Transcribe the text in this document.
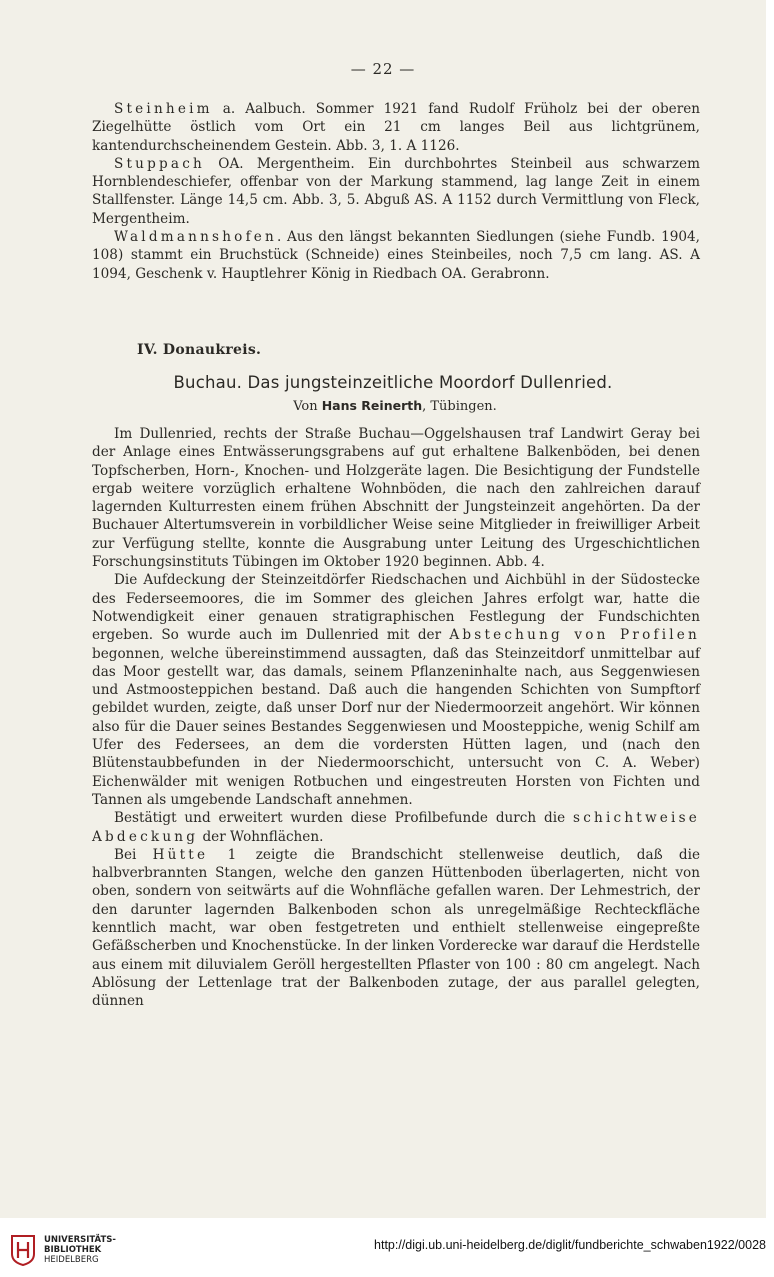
— 22 —

Steinheim a. Aalbuch. Sommer 1921 fand Rudolf Früholz bei der oberen Ziegelhütte östlich vom Ort ein 21 cm langes Beil aus lichtgrünem, kantendurchscheinendem Gestein. Abb. 3, 1. A 1126.

Stuppach OA. Mergentheim. Ein durchbohrtes Steinbeil aus schwarzem Hornblendeschiefer, offenbar von der Markung stammend, lag lange Zeit in einem Stallfenster. Länge 14,5 cm. Abb. 3, 5. Abguß AS. A 1152 durch Vermittlung von Fleck, Mergentheim.

Waldmannshofen. Aus den längst bekannten Siedlungen (siehe Fundb. 1904, 108) stammt ein Bruchstück (Schneide) eines Steinbeiles, noch 7,5 cm lang. AS. A 1094, Geschenk v. Hauptlehrer König in Riedbach OA. Gerabronn.

IV. Donaukreis.
Buchau. Das jungsteinzeitliche Moordorf Dullenried.
Von Hans Reinerth, Tübingen.

Im Dullenried, rechts der Straße Buchau—Oggelshausen traf Landwirt Geray bei der Anlage eines Entwässerungsgrabens auf gut erhaltene Balkenböden, bei denen Topfscherben, Horn-, Knochen- und Holzgeräte lagen. Die Besichtigung der Fundstelle ergab weitere vorzüglich erhaltene Wohnböden, die nach den zahlreichen darauf lagernden Kulturresten einem frühen Abschnitt der Jungsteinzeit angehörten. Da der Buchauer Altertumsverein in vorbildlicher Weise seine Mitglieder in freiwilliger Arbeit zur Verfügung stellte, konnte die Ausgrabung unter Leitung des Urgeschichtlichen Forschungsinstituts Tübingen im Oktober 1920 beginnen. Abb. 4.

Die Aufdeckung der Steinzeitdörfer Riedschachen und Aichbühl in der Südostecke des Federseemoores, die im Sommer des gleichen Jahres erfolgt war, hatte die Notwendigkeit einer genauen stratigraphischen Festlegung der Fundschichten ergeben. So wurde auch im Dullenried mit der Abstechung von Profilen begonnen, welche übereinstimmend aussagten, daß das Steinzeitdorf unmittelbar auf das Moor gestellt war, das damals, seinem Pflanzeninhalte nach, aus Seggenwiesen und Astmoosteppichen bestand. Daß auch die hangenden Schichten von Sumpftorf gebildet wurden, zeigte, daß unser Dorf nur der Niedermoorzeit angehört. Wir können also für die Dauer seines Bestandes Seggenwiesen und Moosteppiche, wenig Schilf am Ufer des Federsees, an dem die vordersten Hütten lagen, und (nach den Blütenstaubbefunden in der Niedermoorschicht, untersucht von C. A. Weber) Eichenwälder mit wenigen Rotbuchen und eingestreuten Horsten von Fichten und Tannen als umgebende Landschaft annehmen.

Bestätigt und erweitert wurden diese Profilbefunde durch die schichtweise Abdeckung der Wohnflächen.

Bei Hütte 1 zeigte die Brandschicht stellenweise deutlich, daß die halbverbrannten Stangen, welche den ganzen Hüttenboden überlagerten, nicht von oben, sondern von seitwärts auf die Wohnfläche gefallen waren. Der Lehmestrich, der den darunter lagernden Balkenboden schon als unregelmäßige Rechteckfläche kenntlich macht, war oben festgetreten und enthielt stellenweise eingepreßte Gefäßscherben und Knochenstücke. In der linken Vorderecke war darauf die Herdstelle aus einem mit diluvialem Geröll hergestellten Pflaster von 100 : 80 cm angelegt. Nach Ablösung der Lettenlage trat der Balkenboden zutage, der aus parallel gelegten, dünnen

UNIVERSITÄTS-
BIBLIOTHEK
HEIDELBERG
http://digi.ub.uni-heidelberg.de/diglit/fundberichte_schwaben1922/0028
